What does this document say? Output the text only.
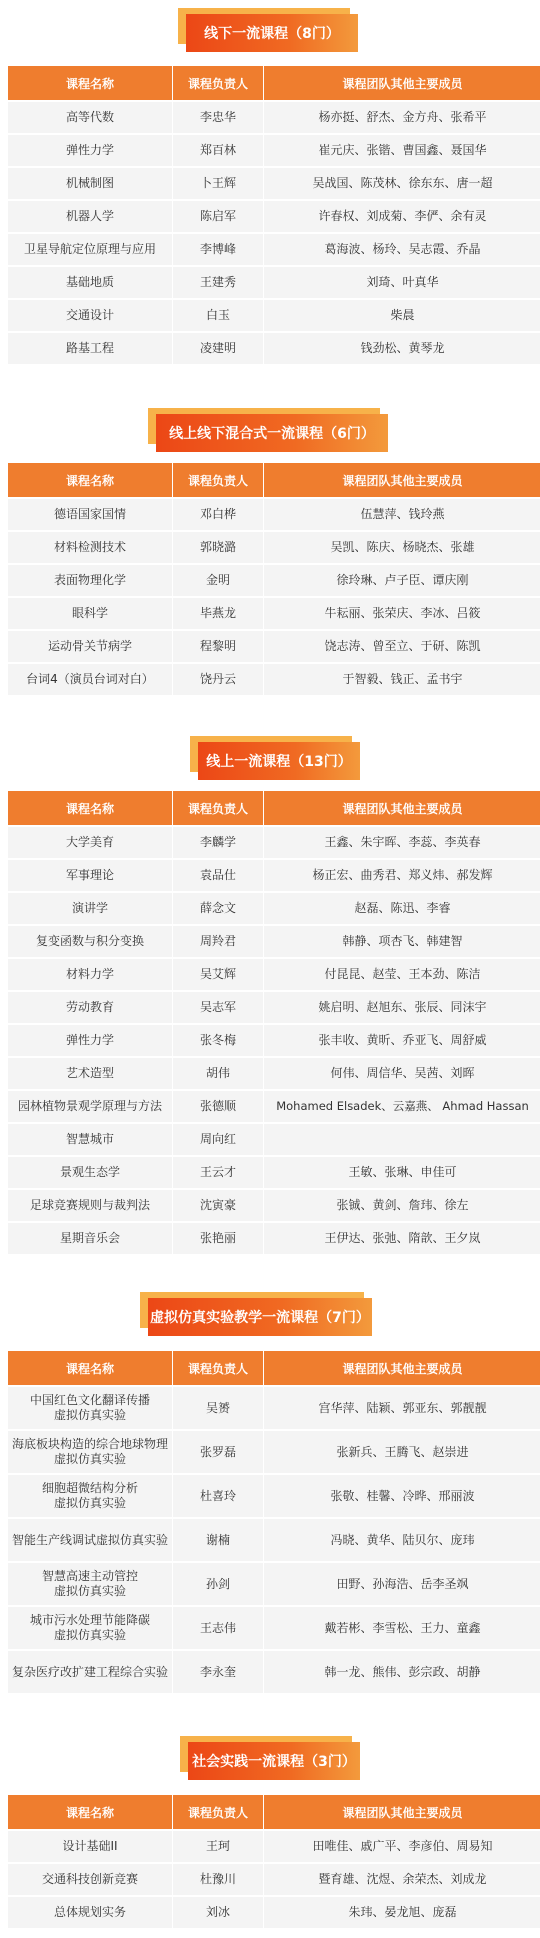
线下一流课程（8门）
课程名称	课程负责人	课程团队其他主要成员
高等代数	李忠华	杨亦挺、舒杰、金方舟、张希平
弹性力学	郑百林	崔元庆、张锴、曹国鑫、聂国华
机械制图	卜王辉	吴战国、陈茂林、徐东东、唐一超
机器人学	陈启军	许春权、刘成菊、李俨、余有灵
卫星导航定位原理与应用	李博峰	葛海波、杨玲、吴志霞、乔晶
基础地质	王建秀	刘琦、叶真华
交通设计	白玉	柴晨
路基工程	凌建明	钱劲松、黄琴龙
线上线下混合式一流课程（6门）
课程名称	课程负责人	课程团队其他主要成员
德语国家国情	邓白桦	伍慧萍、钱玲燕
材料检测技术	郭晓潞	吴凯、陈庆、杨晓杰、张雄
表面物理化学	金明	徐玲琳、卢子臣、谭庆刚
眼科学	毕燕龙	牛耘丽、张荣庆、李冰、吕筱
运动骨关节病学	程黎明	饶志涛、曾至立、于研、陈凯
台词4（演员台词对白）	饶丹云	于智毅、钱正、孟书宇
线上一流课程（13门）
课程名称	课程负责人	课程团队其他主要成员
大学美育	李麟学	王鑫、朱宇晖、李蕊、李英春
军事理论	袁品仕	杨正宏、曲秀君、郑义炜、郝发辉
演讲学	薛念文	赵磊、陈迅、李睿
复变函数与积分变换	周羚君	韩静、项杏飞、韩建智
材料力学	吴艾辉	付昆昆、赵莹、王本劲、陈洁
劳动教育	吴志军	姚启明、赵旭东、张辰、同沫宇
弹性力学	张冬梅	张丰收、黄昕、乔亚飞、周舒威
艺术造型	胡伟	何伟、周信华、吴茜、刘晖
园林植物景观学原理与方法	张德顺	Mohamed Elsadek、云嘉燕、 Ahmad Hassan
智慧城市	周向红	
景观生态学	王云才	王敏、张琳、申佳可
足球竞赛规则与裁判法	沈寅豪	张铖、黄剑、詹玮、徐左
星期音乐会	张艳丽	王伊达、张弛、隋歆、王夕岚
虚拟仿真实验教学一流课程（7门）
课程名称	课程负责人	课程团队其他主要成员

中国红色文化翻译传播
虚拟仿真实验	吴赟	宫华萍、陆颖、郭亚东、郭靓靓

海底板块构造的综合地球物理
虚拟仿真实验	张罗磊	张新兵、王腾飞、赵崇进

细胞超微结构分析
虚拟仿真实验	杜喜玲	张敬、桂馨、冷晔、邢丽波
智能生产线调试虚拟仿真实验	谢楠	冯晓、黄华、陆贝尔、庞玮

智慧高速主动管控
虚拟仿真实验	孙剑	田野、孙海浩、岳李圣飒

城市污水处理节能降碳
虚拟仿真实验	王志伟	戴若彬、李雪松、王力、童鑫
复杂医疗改扩建工程综合实验	李永奎	韩一龙、熊伟、彭宗政、胡静
社会实践一流课程（3门）
课程名称	课程负责人	课程团队其他主要成员
设计基础II	王珂	田唯佳、戚广平、李彦伯、周易知
交通科技创新竞赛	杜豫川	暨育雄、沈煜、余荣杰、刘成龙
总体规划实务	刘冰	朱玮、晏龙旭、庞磊
